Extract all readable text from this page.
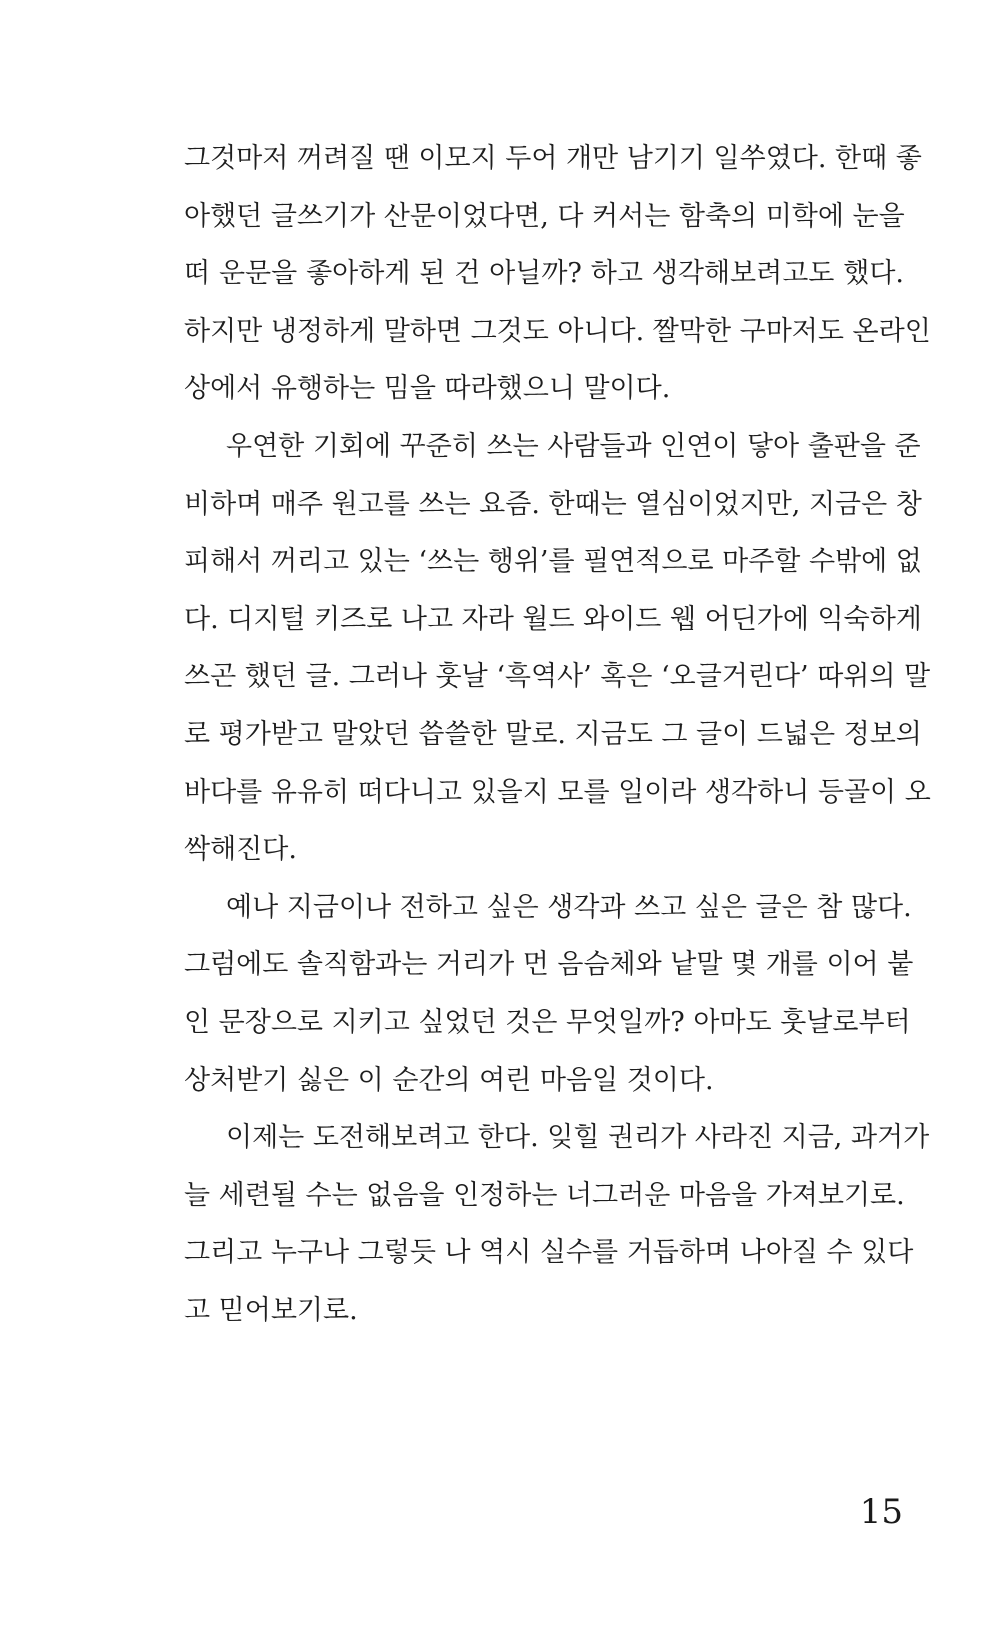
그것마저 꺼려질 땐 이모지 두어 개만 남기기 일쑤였다. 한때 좋
아했던 글쓰기가 산문이었다면, 다 커서는 함축의 미학에 눈을
떠 운문을 좋아하게 된 건 아닐까? 하고 생각해보려고도 했다.
하지만 냉정하게 말하면 그것도 아니다. 짤막한 구마저도 온라인
상에서 유행하는 밈을 따라했으니 말이다.
우연한 기회에 꾸준히 쓰는 사람들과 인연이 닿아 출판을 준
비하며 매주 원고를 쓰는 요즘. 한때는 열심이었지만, 지금은 창
피해서 꺼리고 있는 ‘쓰는 행위’를 필연적으로 마주할 수밖에 없
다. 디지털 키즈로 나고 자라 월드 와이드 웹 어딘가에 익숙하게
쓰곤 했던 글. 그러나 훗날 ‘흑역사’ 혹은 ‘오글거린다’ 따위의 말
로 평가받고 말았던 씁쓸한 말로. 지금도 그 글이 드넓은 정보의
바다를 유유히 떠다니고 있을지 모를 일이라 생각하니 등골이 오
싹해진다.
예나 지금이나 전하고 싶은 생각과 쓰고 싶은 글은 참 많다.
그럼에도 솔직함과는 거리가 먼 음슴체와 낱말 몇 개를 이어 붙
인 문장으로 지키고 싶었던 것은 무엇일까? 아마도 훗날로부터
상처받기 싫은 이 순간의 여린 마음일 것이다.
이제는 도전해보려고 한다. 잊힐 권리가 사라진 지금, 과거가
늘 세련될 수는 없음을 인정하는 너그러운 마음을 가져보기로.
그리고 누구나 그렇듯 나 역시 실수를 거듭하며 나아질 수 있다
고 믿어보기로.
15
